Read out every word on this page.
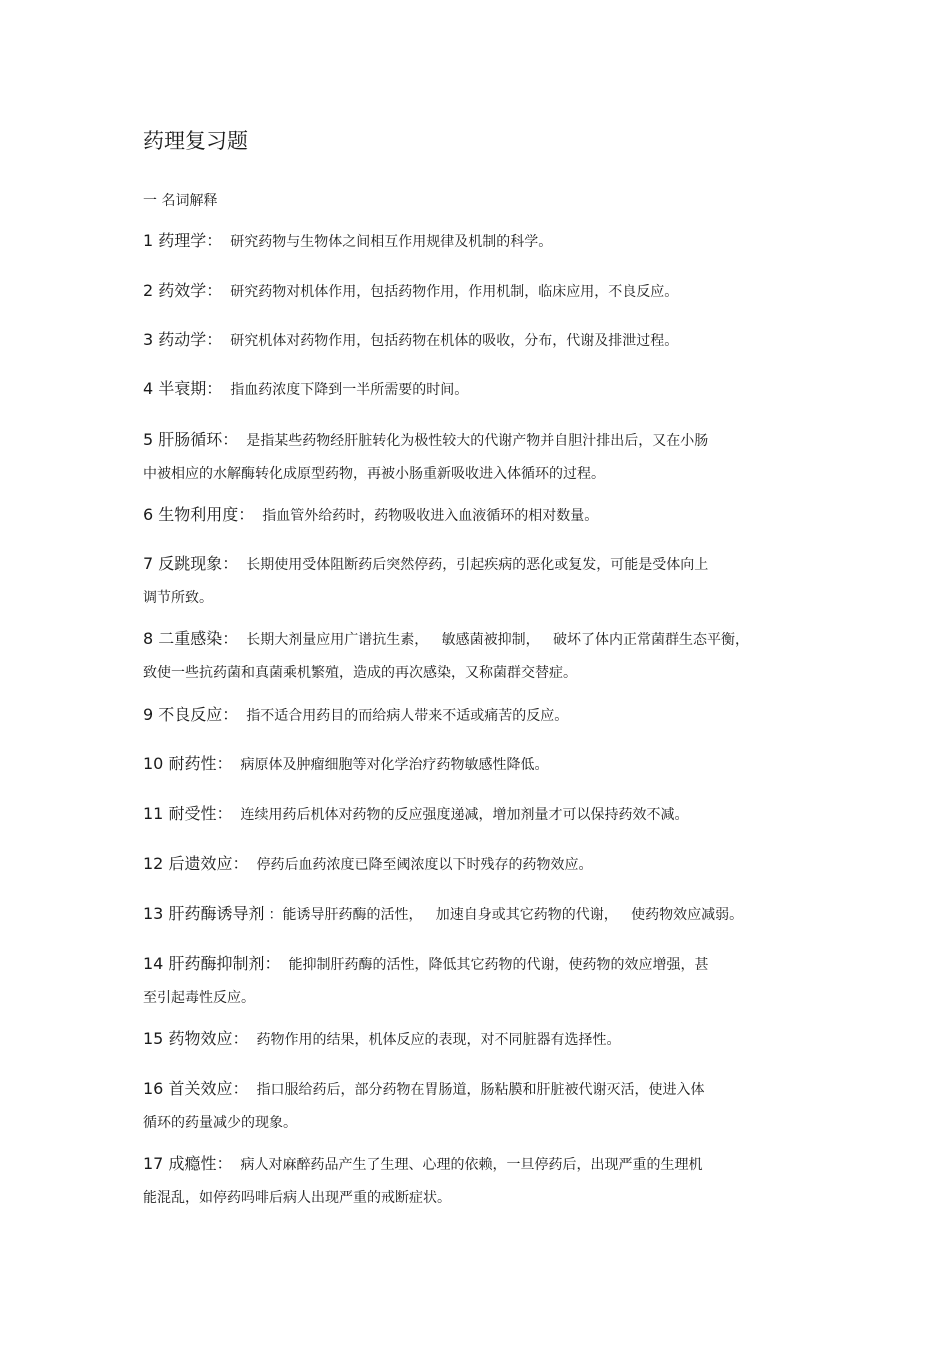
药理复习题
一 名词解释
1 药理学： 研究药物与生物体之间相互作用规律及机制的科学。
2 药效学： 研究药物对机体作用，包括药物作用，作用机制，临床应用，不良反应。
3 药动学： 研究机体对药物作用，包括药物在机体的吸收，分布，代谢及排泄过程。
4 半衰期： 指血药浓度下降到一半所需要的时间。
5 肝肠循环： 是指某些药物经肝脏转化为极性较大的代谢产物并自胆汁排出后，又在小肠
中被相应的水解酶转化成原型药物，再被小肠重新吸收进入体循环的过程。
6 生物利用度： 指血管外给药时，药物吸收进入血液循环的相对数量。
7 反跳现象： 长期使用受体阻断药后突然停药，引起疾病的恶化或复发，可能是受体向上
调节所致。
8 二重感染： 长期大剂量应用广谱抗生素，   敏感菌被抑制，   破坏了体内正常菌群生态平衡，
致使一些抗药菌和真菌乘机繁殖，造成的再次感染，又称菌群交替症。
9 不良反应： 指不适合用药目的而给病人带来不适或痛苦的反应。
10 耐药性： 病原体及肿瘤细胞等对化学治疗药物敏感性降低。
11 耐受性： 连续用药后机体对药物的反应强度递减，增加剂量才可以保持药效不减。
12 后遗效应： 停药后血药浓度已降至阈浓度以下时残存的药物效应。
13 肝药酶诱导剂 ：能诱导肝药酶的活性，   加速自身或其它药物的代谢，   使药物效应减弱。
14 肝药酶抑制剂： 能抑制肝药酶的活性，降低其它药物的代谢，使药物的效应增强，甚
至引起毒性反应。
15 药物效应： 药物作用的结果，机体反应的表现，对不同脏器有选择性。
16 首关效应： 指口服给药后，部分药物在胃肠道，肠粘膜和肝脏被代谢灭活，使进入体
循环的药量减少的现象。
17 成瘾性： 病人对麻醉药品产生了生理、心理的依赖，一旦停药后，出现严重的生理机
能混乱，如停药吗啡后病人出现严重的戒断症状。
